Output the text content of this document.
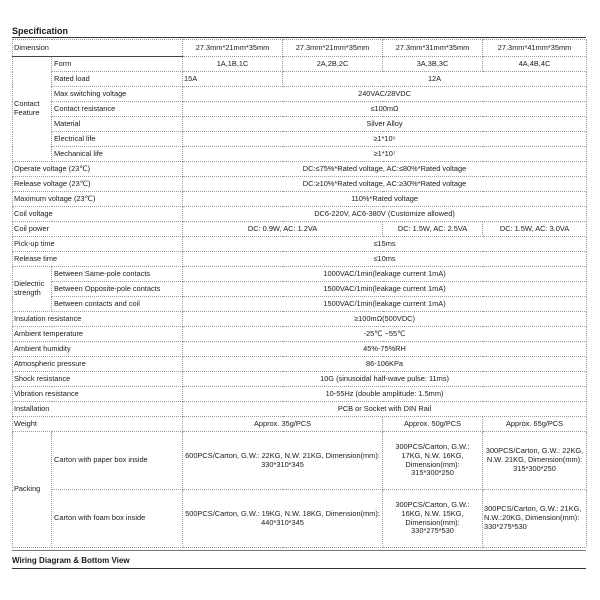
Specification
Dimension		27.3mm*21mm*35mm	27.3mm*21mm*35mm	27.3mm*31mm*35mm	27.3mm*41mm*35mm
Contact Feature	Form	1A,1B,1C	2A,2B,2C	3A,3B,3C	4A,4B,4C
	Rated load	15A	12A		
	Max switching voltage	240VAC/28VDC			
	Contact resistance	≤100mΩ			
	Material	Silver Alloy			
	Electrical life	≥1*10⁵			
	Mechanical life	≥1*10⁷			
Operate voltage (23℃)		DC:≤75%*Rated voltage, AC:≤80%*Rated voltage			
Release voltage (23℃)		DC:≥10%*Rated voltage, AC:≥30%*Rated voltage			
Maximum voltage (23℃)		110%*Rated voltage			
Coil voltage		DC6-220V, AC6-380V (Customize allowed)			
Coil power		DC: 0.9W, AC: 1.2VA		DC: 1.5W, AC: 2.5VA	DC: 1.5W, AC: 3.0VA
Pick-up time		≤15ms			
Release time		≤10ms			
Dielectric strength	Between Same-pole contacts	1000VAC/1min(leakage current 1mA)			
	Between Opposite-pole contacts	1500VAC/1min(leakage current 1mA)			
	Between contacts and coil	1500VAC/1min(leakage current 1mA)			
Insulation resistance		≥100mΩ(500VDC)			
Ambient temperature		-25℃ ~55℃			
Ambient humidity		45%-75%RH			
Atmospheric pressure		86-106KPa			
Shock resistance		10G (sinusoidal half-wave pulse: 11ms)			
Vibration resistance		10-55Hz (double amplitude: 1.5mm)			
Installation		PCB or Socket with DIN Rail			
Weight		Approx. 35g/PCS		Approx. 50g/PCS	Approx. 65g/PCS
Packing	Carton with paper box inside	600PCS/Carton, G.W.: 22KG, N.W. 21KG, Dimension(mm): 330*310*345		300PCS/Carton, G.W.: 17KG, N.W. 16KG, Dimension(mm): 315*300*250	300PCS/Carton, G.W.: 22KG, N.W. 21KG, Dimension(mm): 315*300*250
	Carton with foam box inside	500PCS/Carton, G.W.: 19KG, N.W. 18KG, Dimension(mm): 440*310*345		300PCS/Carton, G.W.: 16KG, N.W. 15KG, Dimension(mm): 330*275*530	300PCS/Carton, G.W.: 21KG, N.W.:20KG, Dimension(mm): 330*275*530
Wiring Diagram & Bottom View
